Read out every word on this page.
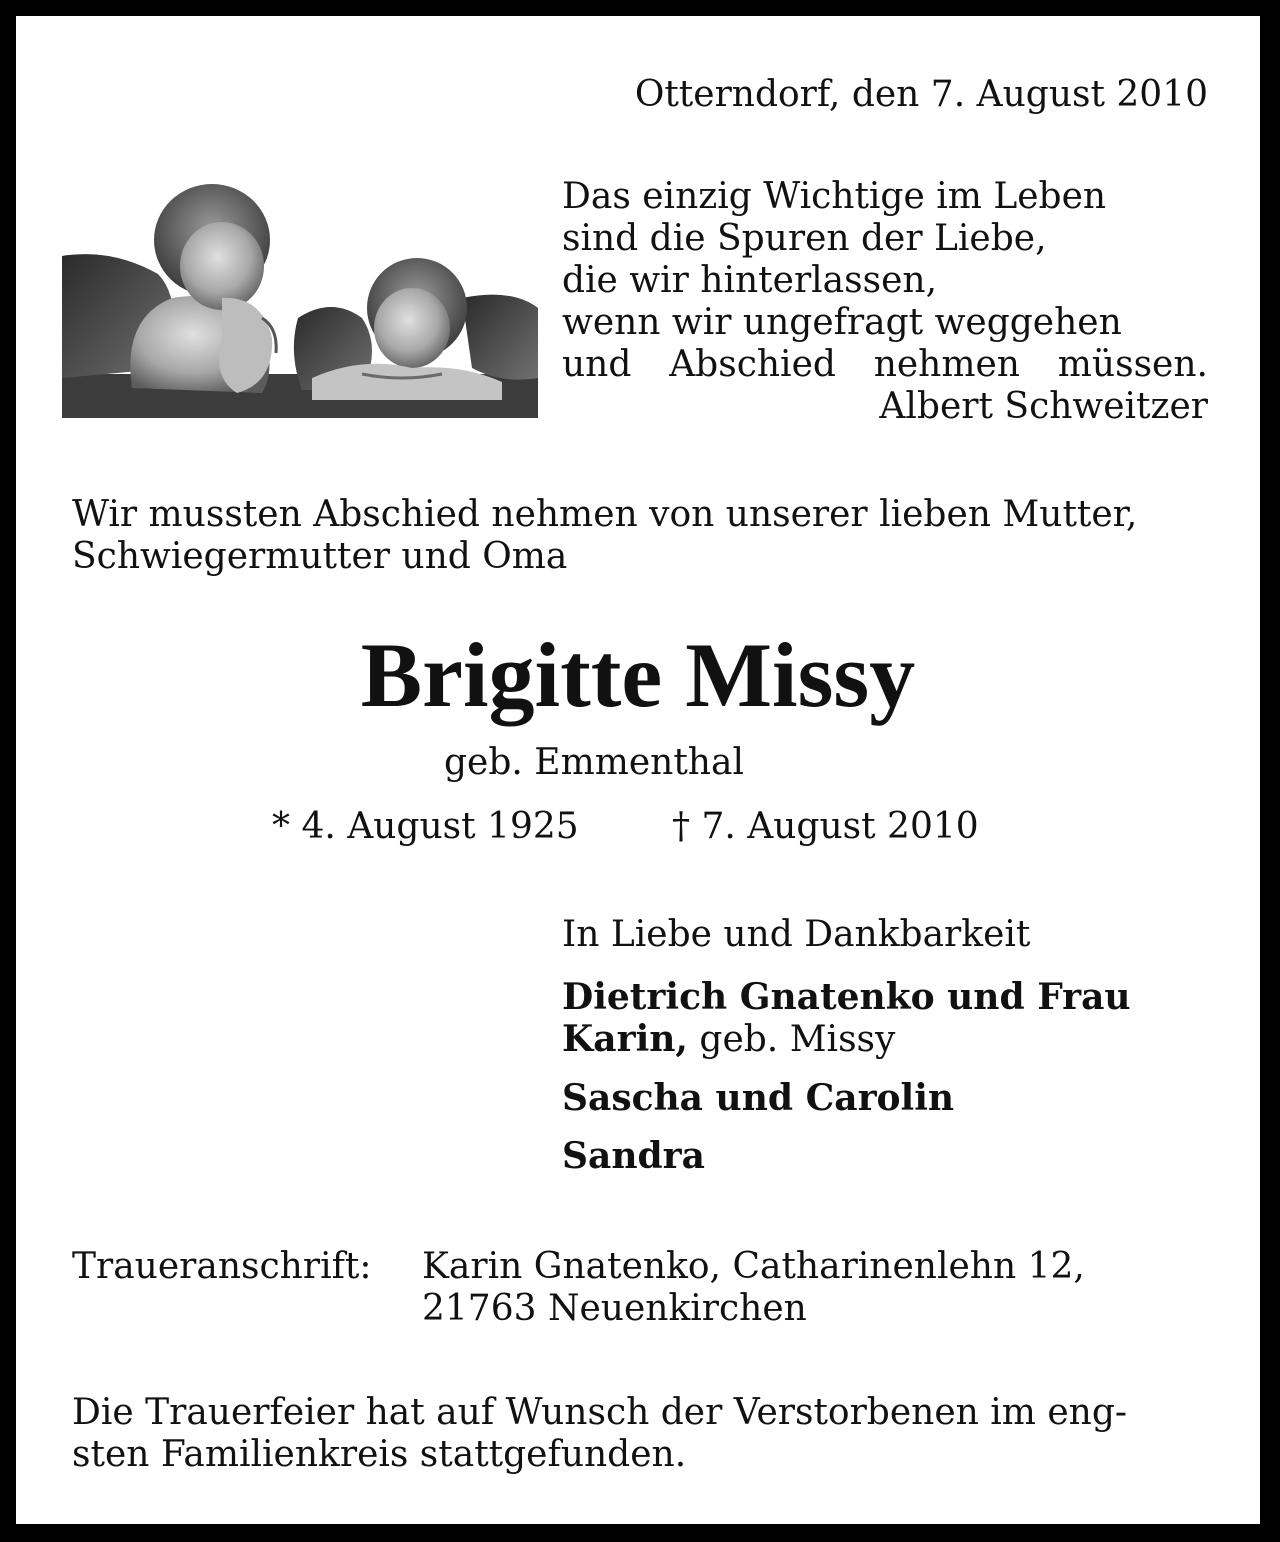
Otterndorf, den 7. August 2010

Das einzig Wichtige im Leben
sind die Spuren der Liebe,
die wir hinterlassen,
wenn wir ungefragt weggehen
und Abschied nehmen müssen.
Albert Schweitzer
Wir mussten Abschied nehmen von unserer lieben Mutter,
Schwiegermutter und Oma
Brigitte Missy

geb. Emmenthal

* 4. August 1925	† 7. August 2010

In Liebe und Dankbarkeit

Dietrich Gnatenko und Frau
Karin, geb. Missy
Sascha und Carolin
Sandra

Traueranschrift: Karin Gnatenko, Catharinenlehn 12,
21763 Neuenkirchen
Die Trauerfeier hat auf Wunsch der Verstorbenen im eng-
sten Familienkreis stattgefunden.
